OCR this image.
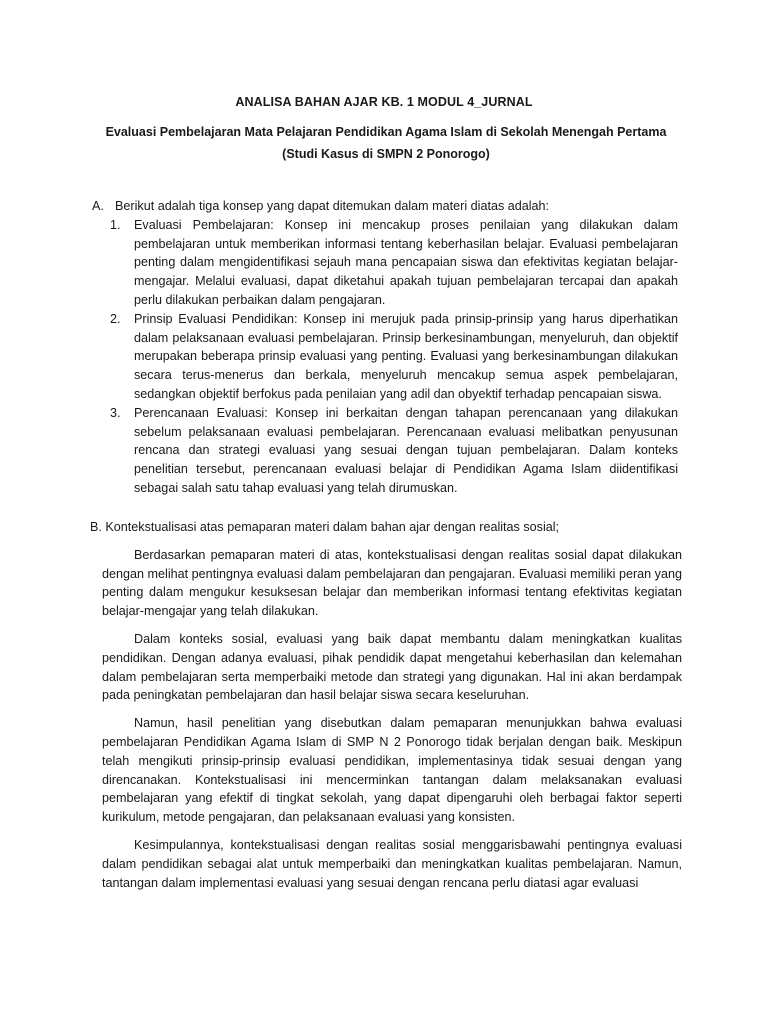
ANALISA BAHAN AJAR KB. 1 MODUL 4_JURNAL
Evaluasi Pembelajaran Mata Pelajaran Pendidikan Agama Islam di Sekolah Menengah Pertama (Studi Kasus di SMPN 2 Ponorogo)
A. Berikut adalah tiga konsep yang dapat ditemukan dalam materi diatas adalah:
1.	Evaluasi Pembelajaran: Konsep ini mencakup proses penilaian yang dilakukan dalam pembelajaran untuk memberikan informasi tentang keberhasilan belajar. Evaluasi pembelajaran penting dalam mengidentifikasi sejauh mana pencapaian siswa dan efektivitas kegiatan belajar-mengajar. Melalui evaluasi, dapat diketahui apakah tujuan pembelajaran tercapai dan apakah perlu dilakukan perbaikan dalam pengajaran.
2.	Prinsip Evaluasi Pendidikan: Konsep ini merujuk pada prinsip-prinsip yang harus diperhatikan dalam pelaksanaan evaluasi pembelajaran. Prinsip berkesinambungan, menyeluruh, dan objektif merupakan beberapa prinsip evaluasi yang penting. Evaluasi yang berkesinambungan dilakukan secara terus-menerus dan berkala, menyeluruh mencakup semua aspek pembelajaran, sedangkan objektif berfokus pada penilaian yang adil dan obyektif terhadap pencapaian siswa.
3.	Perencanaan Evaluasi: Konsep ini berkaitan dengan tahapan perencanaan yang dilakukan sebelum pelaksanaan evaluasi pembelajaran. Perencanaan evaluasi melibatkan penyusunan rencana dan strategi evaluasi yang sesuai dengan tujuan pembelajaran. Dalam konteks penelitian tersebut, perencanaan evaluasi belajar di Pendidikan Agama Islam diidentifikasi sebagai salah satu tahap evaluasi yang telah dirumuskan.
B. Kontekstualisasi atas pemaparan materi dalam bahan ajar dengan realitas sosial;

Berdasarkan pemaparan materi di atas, kontekstualisasi dengan realitas sosial dapat dilakukan dengan melihat pentingnya evaluasi dalam pembelajaran dan pengajaran. Evaluasi memiliki peran yang penting dalam mengukur kesuksesan belajar dan memberikan informasi tentang efektivitas kegiatan belajar-mengajar yang telah dilakukan.

Dalam konteks sosial, evaluasi yang baik dapat membantu dalam meningkatkan kualitas pendidikan. Dengan adanya evaluasi, pihak pendidik dapat mengetahui keberhasilan dan kelemahan dalam pembelajaran serta memperbaiki metode dan strategi yang digunakan. Hal ini akan berdampak pada peningkatan pembelajaran dan hasil belajar siswa secara keseluruhan.

Namun, hasil penelitian yang disebutkan dalam pemaparan menunjukkan bahwa evaluasi pembelajaran Pendidikan Agama Islam di SMP N 2 Ponorogo tidak berjalan dengan baik. Meskipun telah mengikuti prinsip-prinsip evaluasi pendidikan, implementasinya tidak sesuai dengan yang direncanakan. Kontekstualisasi ini mencerminkan tantangan dalam melaksanakan evaluasi pembelajaran yang efektif di tingkat sekolah, yang dapat dipengaruhi oleh berbagai faktor seperti kurikulum, metode pengajaran, dan pelaksanaan evaluasi yang konsisten.

Kesimpulannya, kontekstualisasi dengan realitas sosial menggarisbawahi pentingnya evaluasi dalam pendidikan sebagai alat untuk memperbaiki dan meningkatkan kualitas pembelajaran. Namun, tantangan dalam implementasi evaluasi yang sesuai dengan rencana perlu diatasi agar evaluasi
